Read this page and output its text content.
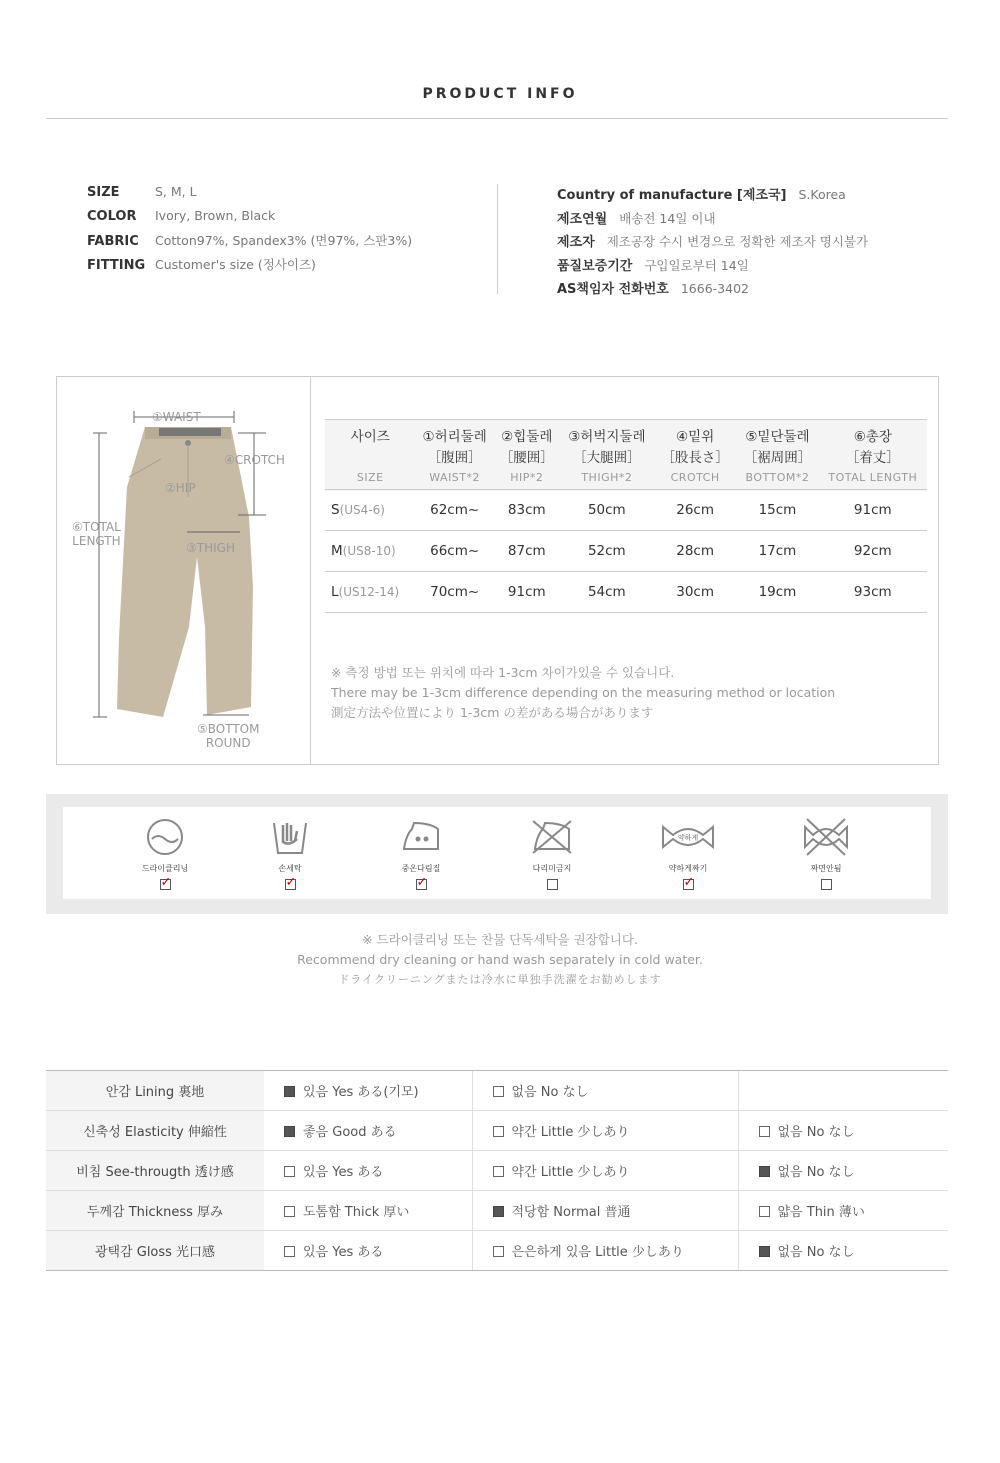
PRODUCT INFO
SIZE	S, M, L
COLOR Ivory, Brown, Black
FABRIC Cotton97%, Spandex3% (면97%, 스판3%)
FITTING Customer's size (정사이즈)
Country of manufacture [제조국] S.Korea
제조연월 배송전 14일 이내
제조자 제조공장 수시 변경으로 정확한 제조자 명시불가
품질보증기간 구입일로부터 14일
AS책임자 전화번호 1666-3402
①WAIST
④CROTCH
②HIP
⑥TOTAL
LENGTH	③THIGH
⑤BOTTOM
ROUND
사이즈	①허리둘레	②힙둘레	③허벅지둘레	④밑위	⑤밑단둘레	⑥총장
	［腹囲］	［腰囲］	［大腿囲］	［股長さ］	［裾周囲］	［着丈］
SIZE	WAIST*2	HIP*2	THIGH*2	CROTCH	BOTTOM*2	TOTAL LENGTH
S(US4-6)	62cm~	83cm	50cm	26cm	15cm	91cm
M(US8-10)	66cm~	87cm	52cm	28cm	17cm	92cm
L(US12-14)	70cm~	91cm	54cm	30cm	19cm	93cm
※ 측정 방법 또는 위치에 따라 1-3cm 차이가있을 수 있습니다.
There may be 1-3cm difference depending on the measuring method or location
測定方法や位置により 1-3cm の差がある場合があります
드라이클리닝
✓	손세탁
✓	중온다림질
✓	다리미금지
약하게
약하게짜기
✓	짜면안됨
※ 드라이클리닝 또는 찬물 단독세탁을 권장합니다.
Recommend dry cleaning or hand wash separately in cold water.
ドライクリーニングまたは冷水に単独手洗濯をお勧めします
안감 Lining 裏地	있음 Yes ある(기모)	없음 No なし	
신축성 Elasticity 伸縮性	좋음 Good ある	약간 Little 少しあり	없음 No なし
비침 See-througth 透け感	있음 Yes ある	약간 Little 少しあり	없음 No なし
두께감 Thickness 厚み	도톰함 Thick 厚い	적당함 Normal 普通	얇음 Thin 薄い
광택감 Gloss 光口感	있음 Yes ある	은은하게 있음 Little 少しあり	없음 No なし
